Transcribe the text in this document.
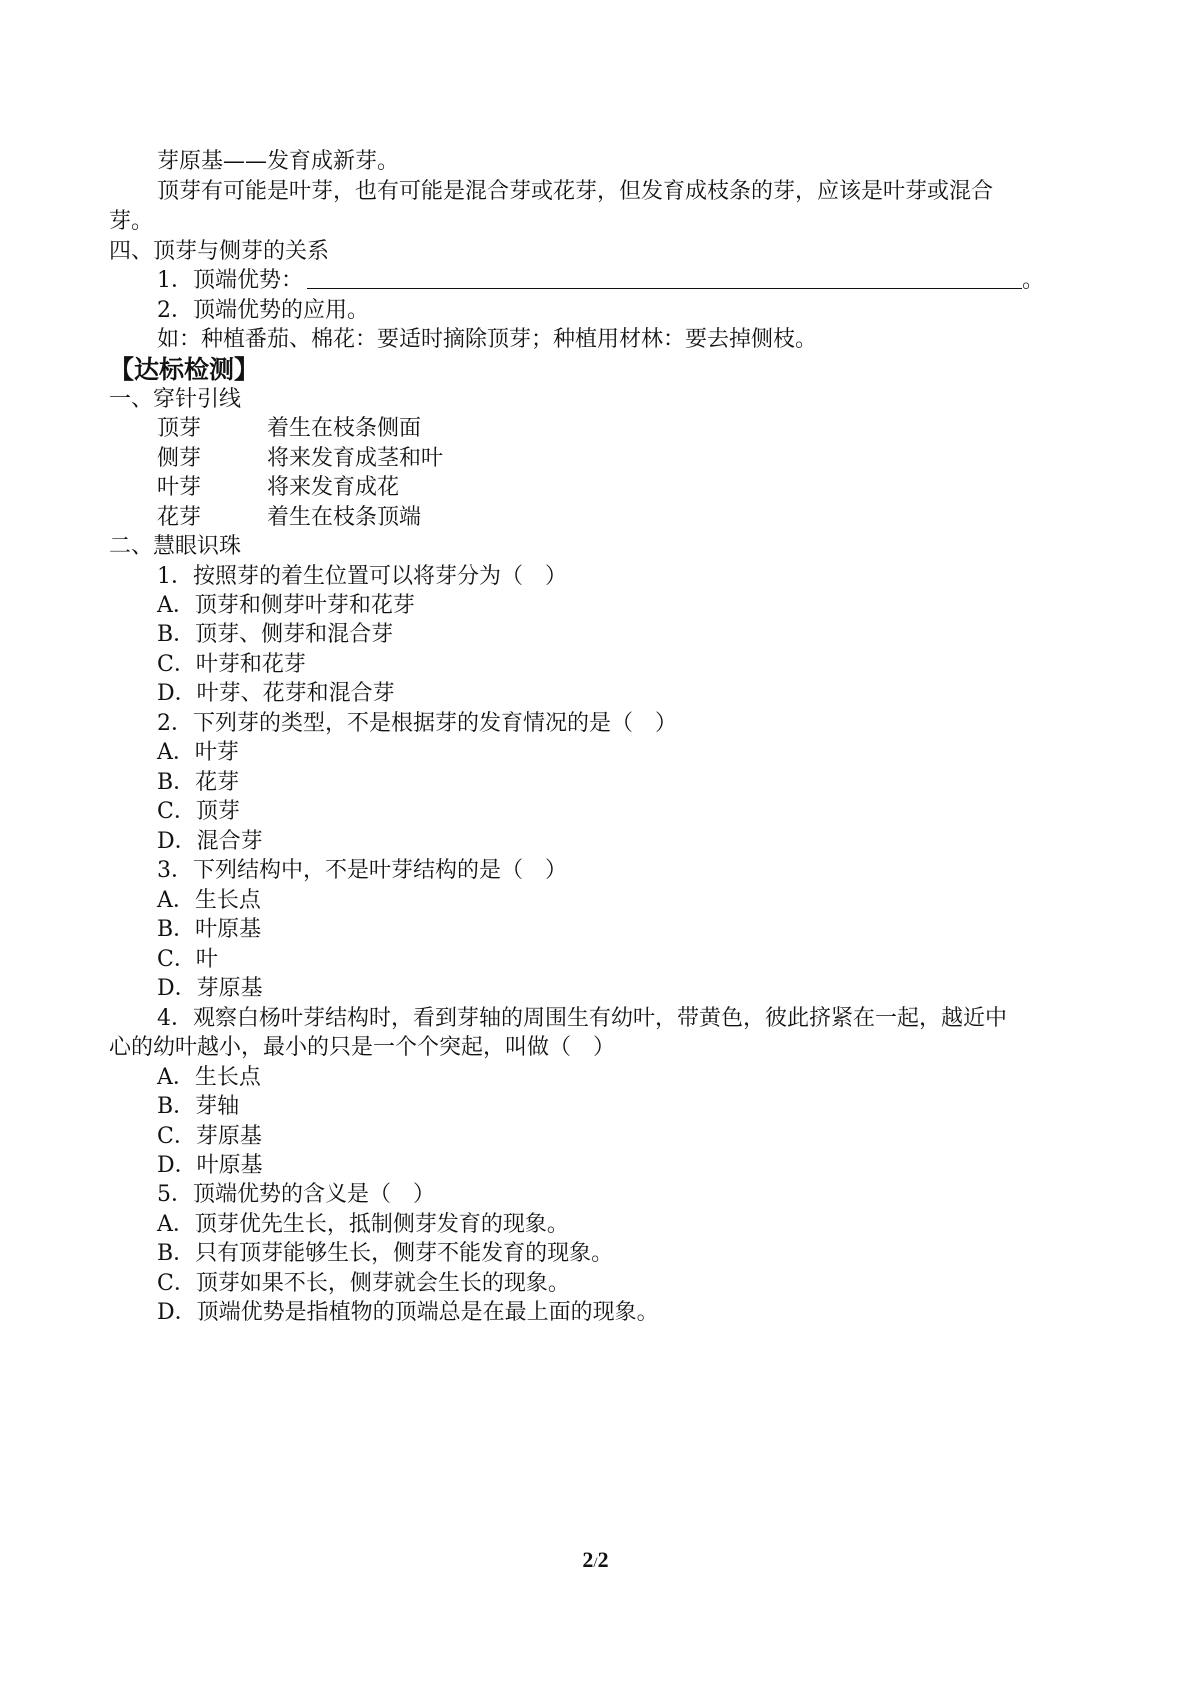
芽原基——发育成新芽。
顶芽有可能是叶芽，也有可能是混合芽或花芽，但发育成枝条的芽，应该是叶芽或混合
芽。
四、顶芽与侧芽的关系
1．顶端优势：	。
2．顶端优势的应用。
如：种植番茄、棉花：要适时摘除顶芽；种植用材林：要去掉侧枝。
【达标检测】
一、穿针引线
顶芽	着生在枝条侧面
侧芽	将来发育成茎和叶
叶芽	将来发育成花
花芽	着生在枝条顶端
二、慧眼识珠
1．按照芽的着生位置可以将芽分为（　）
A．顶芽和侧芽叶芽和花芽
B．顶芽、侧芽和混合芽
C．叶芽和花芽
D．叶芽、花芽和混合芽
2．下列芽的类型，不是根据芽的发育情况的是（　）
A．叶芽
B．花芽
C．顶芽
D．混合芽
3．下列结构中，不是叶芽结构的是（　）
A．生长点
B．叶原基
C．叶
D．芽原基
4．观察白杨叶芽结构时，看到芽轴的周围生有幼叶，带黄色，彼此挤紧在一起，越近中
心的幼叶越小，最小的只是一个个突起，叫做（　）
A．生长点
B．芽轴
C．芽原基
D．叶原基
5．顶端优势的含义是（　）
A．顶芽优先生长，抵制侧芽发育的现象。
B．只有顶芽能够生长，侧芽不能发育的现象。
C．顶芽如果不长，侧芽就会生长的现象。
D．顶端优势是指植物的顶端总是在最上面的现象。
2/2
